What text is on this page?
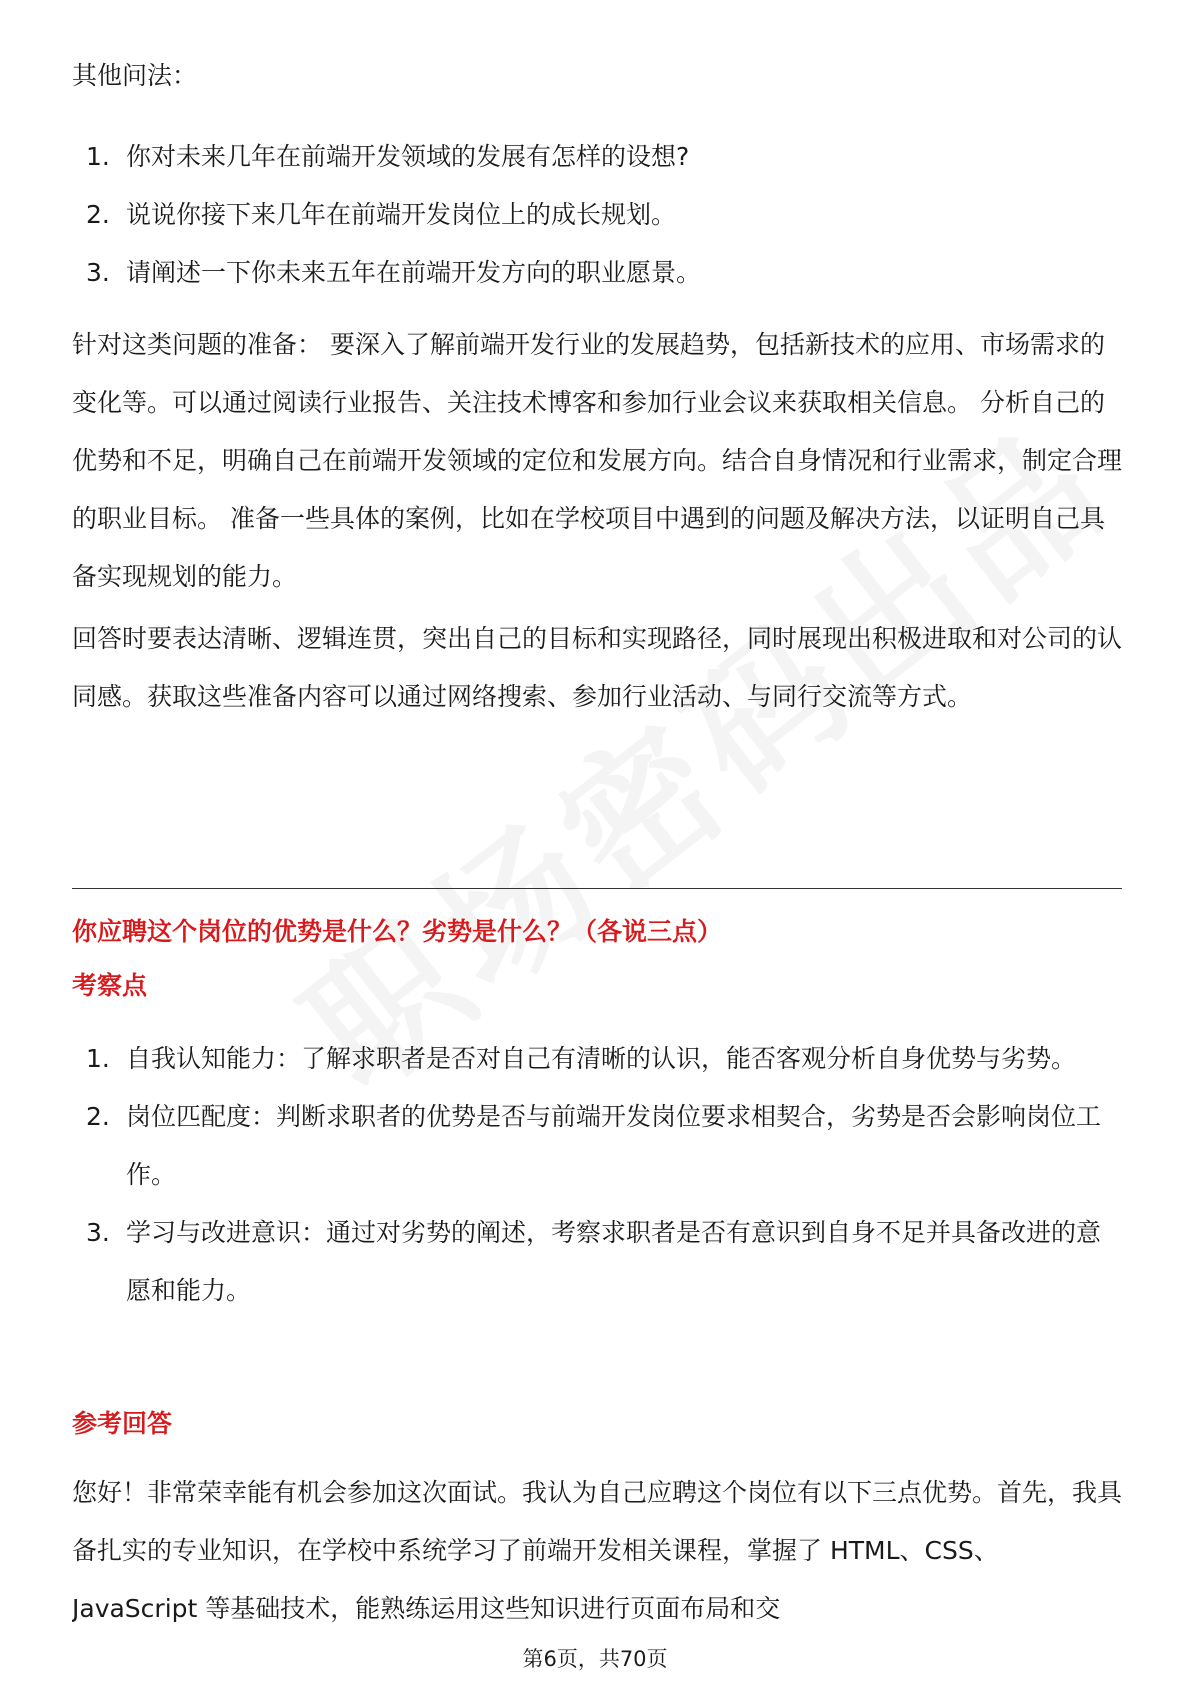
其他问法：

1. 你对未来几年在前端开发领域的发展有怎样的设想?
2. 说说你接下来几年在前端开发岗位上的成长规划。
3. 请阐述一下你未来五年在前端开发方向的职业愿景。

针对这类问题的准备： 要深入了解前端开发行业的发展趋势，包括新技术的应用、市场需求的变化等。可以通过阅读行业报告、关注技术博客和参加行业会议来获取相关信息。 分析自己的优势和不足，明确自己在前端开发领域的定位和发展方向。结合自身情况和行业需求，制定合理的职业目标。 准备一些具体的案例，比如在学校项目中遇到的问题及解决方法，以证明自己具备实现规划的能力。

回答时要表达清晰、逻辑连贯，突出自己的目标和实现路径，同时展现出积极进取和对公司的认同感。获取这些准备内容可以通过网络搜索、参加行业活动、与同行交流等方式。

你应聘这个岗位的优势是什么？劣势是什么？（各说三点）

考察点

1. 自我认知能力：了解求职者是否对自己有清晰的认识，能否客观分析自身优势与劣势。
2. 岗位匹配度：判断求职者的优势是否与前端开发岗位要求相契合，劣势是否会影响岗位工作。
3. 学习与改进意识：通过对劣势的阐述，考察求职者是否有意识到自身不足并具备改进的意愿和能力。

参考回答

您好！非常荣幸能有机会参加这次面试。我认为自己应聘这个岗位有以下三点优势。首先，我具备扎实的专业知识，在学校中系统学习了前端开发相关课程，掌握了 HTML、CSS、JavaScript 等基础技术，能熟练运用这些知识进行页面布局和交

第6页，共70页
